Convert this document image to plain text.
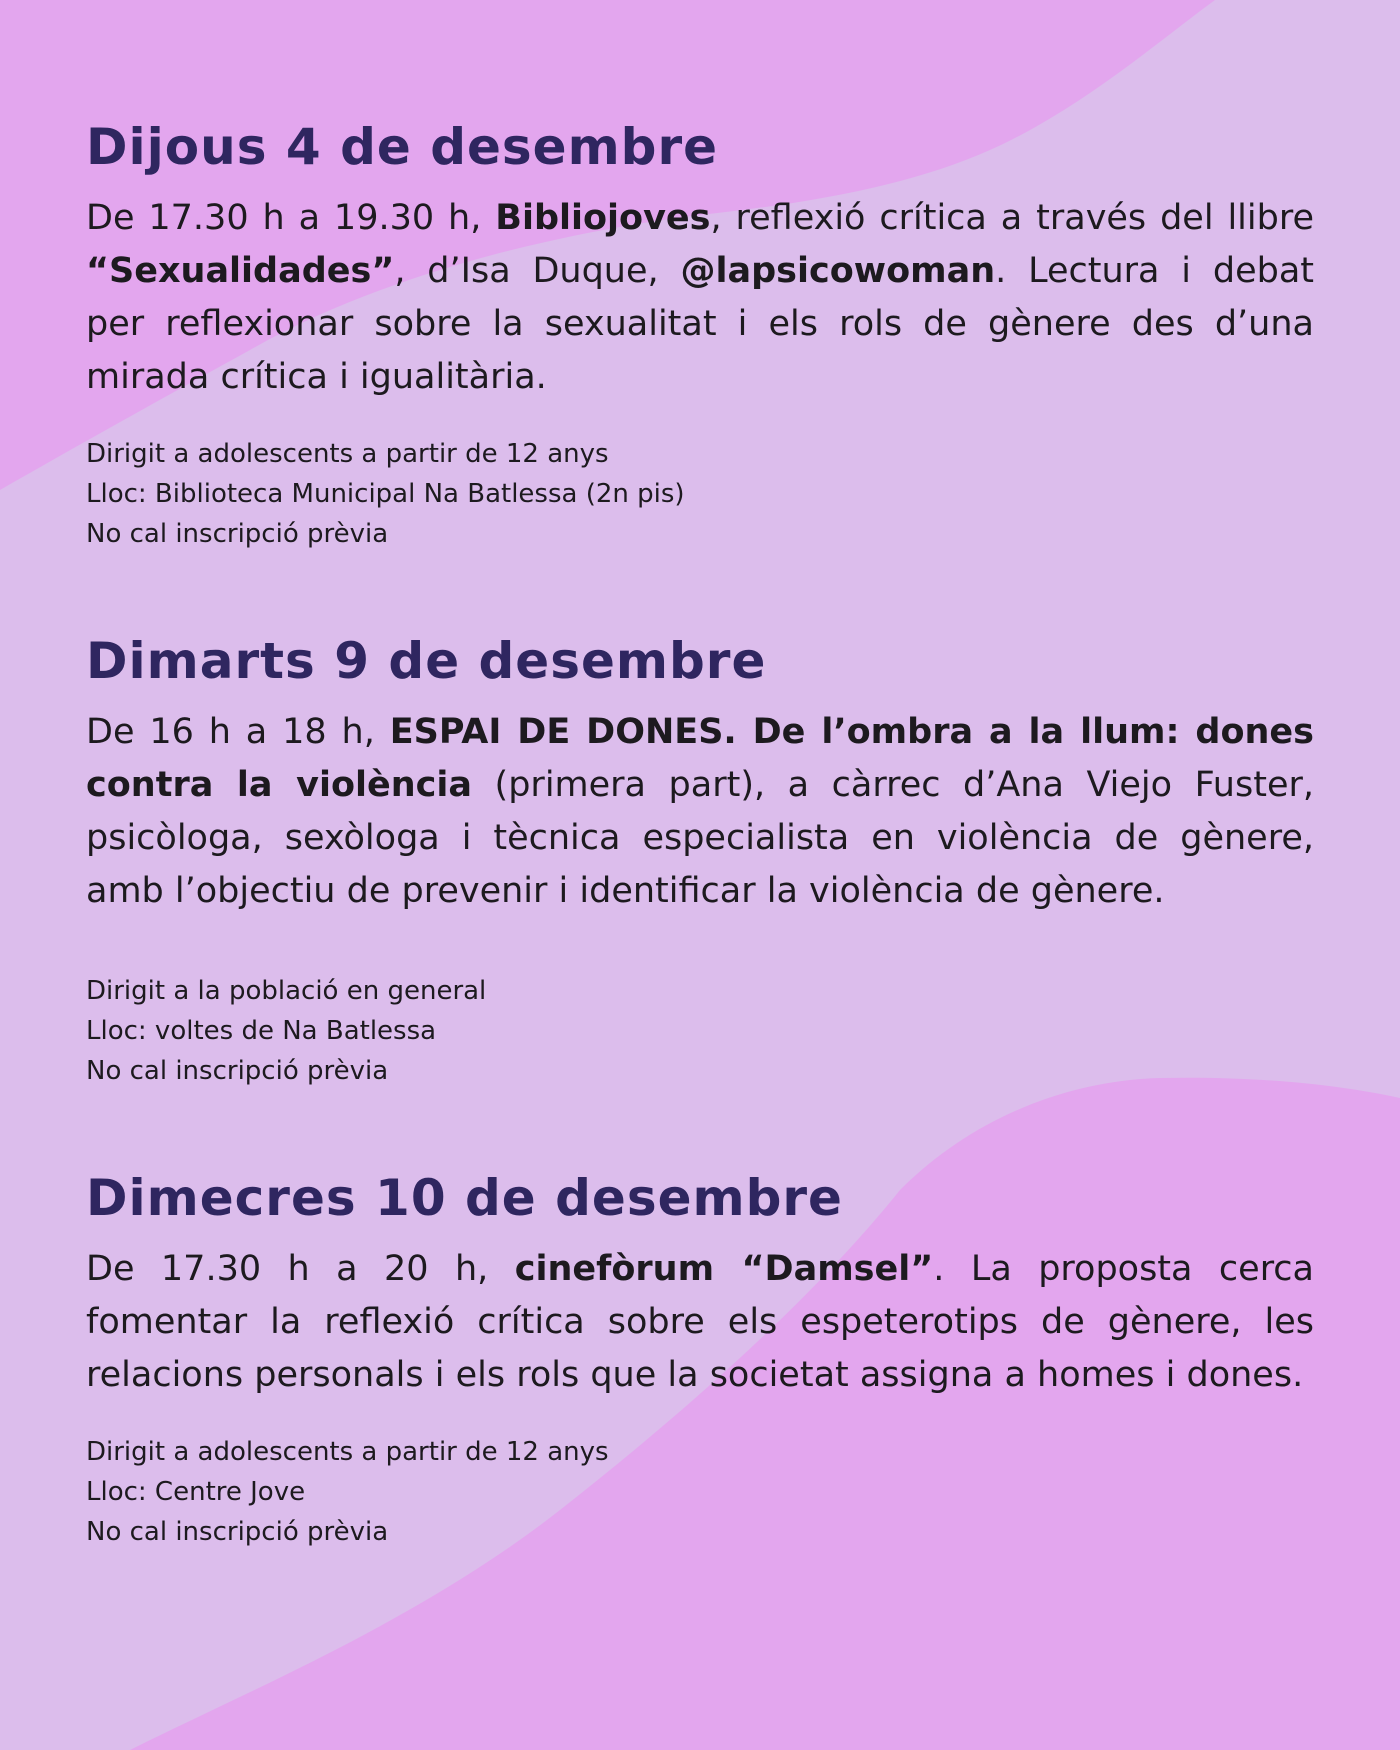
Dijous 4 de desembre

De 17.30 h a 19.30 h, Bibliojoves, reflexió crítica a través del llibre “Sexualidades”, d’Isa Duque, @lapsicowoman. Lectura i debat per reflexionar sobre la sexualitat i els rols de gènere des d’una mirada crítica i igualitària.

Dirigit a adolescents a partir de 12 anys
Lloc: Biblioteca Municipal Na Batlessa (2n pis)
No cal inscripció prèvia
Dimarts 9 de desembre

De 16 h a 18 h, ESPAI DE DONES. De l’ombra a la llum: dones contra la violència (primera part), a càrrec d’Ana Viejo Fuster, psicòloga, sexòloga i tècnica especialista en violència de gènere, amb l’objectiu de prevenir i identificar la violència de gènere.

Dirigit a la població en general
Lloc: voltes de Na Batlessa
No cal inscripció prèvia
Dimecres 10 de desembre

De 17.30 h a 20 h, cinefòrum “Damsel”. La proposta cerca fomentar la reflexió crítica sobre els espeterotips de gènere, les relacions personals i els rols que la societat assigna a homes i dones.

Dirigit a adolescents a partir de 12 anys
Lloc: Centre Jove
No cal inscripció prèvia
